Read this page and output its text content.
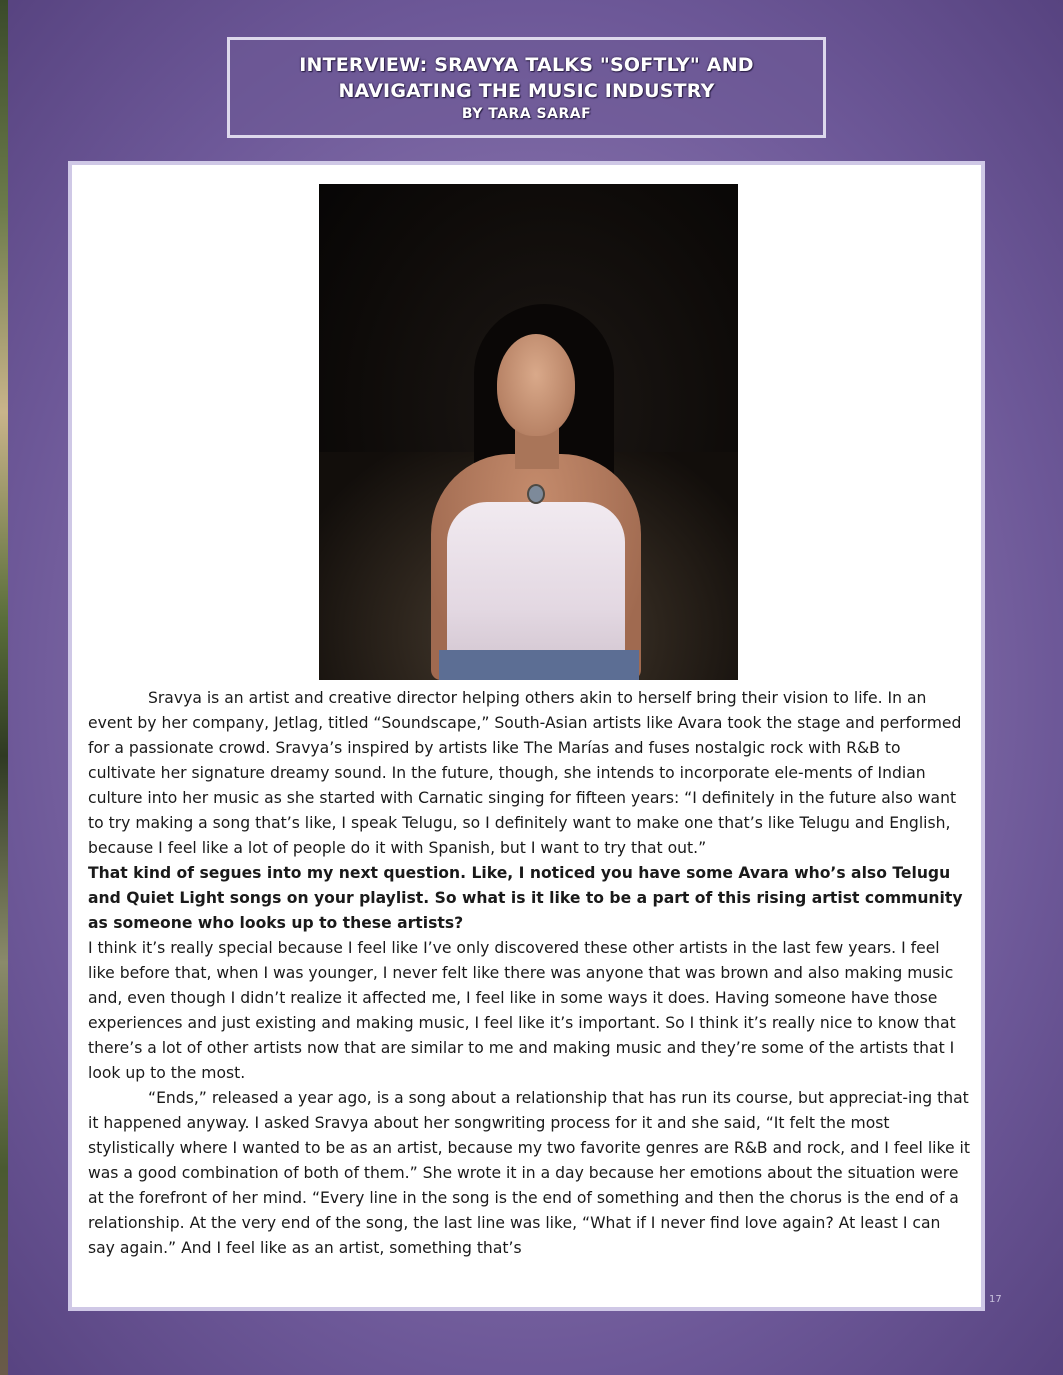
INTERVIEW: SRAVYA TALKS "SOFTLY" AND
NAVIGATING THE MUSIC INDUSTRY
BY TARA SARAF

Sravya is an artist and creative director helping others akin to herself bring their vision to life. In an event by her company, Jetlag, titled “Soundscape,” South-Asian artists like Avara took the stage and performed for a passionate crowd. Sravya’s inspired by artists like The Marías and fuses nostalgic rock with R&B to cultivate her signature dreamy sound. In the future, though, she intends to incorporate ele-ments of Indian culture into her music as she started with Carnatic singing for fifteen years: “I definitely in the future also want to try making a song that’s like, I speak Telugu, so I definitely want to make one that’s like Telugu and English, because I feel like a lot of people do it with Spanish, but I want to try that out.”

That kind of segues into my next question. Like, I noticed you have some Avara who’s also Telugu and Quiet Light songs on your playlist. So what is it like to be a part of this rising artist community as someone who looks up to these artists?

I think it’s really special because I feel like I’ve only discovered these other artists in the last few years. I feel like before that, when I was younger, I never felt like there was anyone that was brown and also making music and, even though I didn’t realize it affected me, I feel like in some ways it does. Having someone have those experiences and just existing and making music, I feel like it’s important. So I think it’s really nice to know that there’s a lot of other artists now that are similar to me and making music and they’re some of the artists that I look up to the most.

“Ends,” released a year ago, is a song about a relationship that has run its course, but appreciat-ing that it happened anyway. I asked Sravya about her songwriting process for it and she said, “It felt the most stylistically where I wanted to be as an artist, because my two favorite genres are R&B and rock, and I feel like it was a good combination of both of them.” She wrote it in a day because her emotions about the situation were at the forefront of her mind. “Every line in the song is the end of something and then the chorus is the end of a relationship. At the very end of the song, the last line was like, “What if I never find love again? At least I can say again.” And I feel like as an artist, something that’s

17
